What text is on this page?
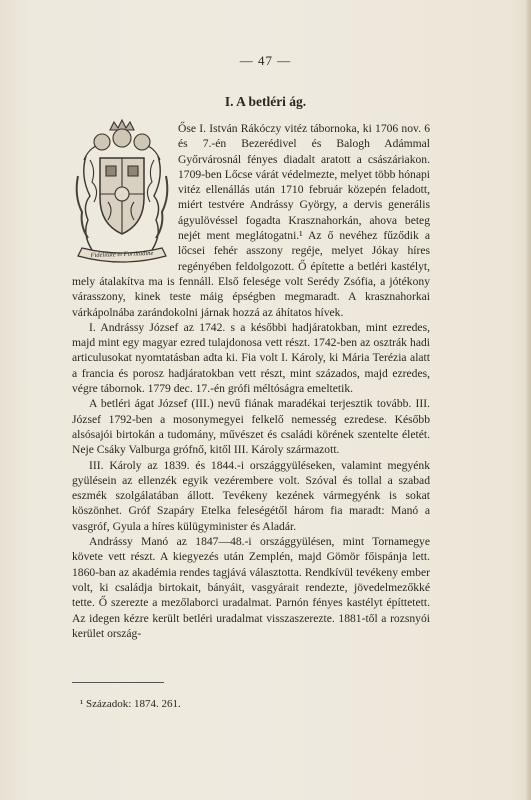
— 47 —
I. A betléri ág.
Fidelitate et Fortitudine

Őse I. István Rákóczy vitéz tábornoka, ki 1706 nov. 6 és 7.-én Bezerédivel és Balogh Adámmal Győrvárosnál fényes diadalt aratott a császáriakon. 1709-ben Lőcse várát védelmezte, melyet több hónapi vitéz ellenállás után 1710 február közepén feladott, miért testvére Andrássy György, a dervis generális ágyulövéssel fogadta Krasznahorkán, ahova beteg nejét ment meglátogatni.¹ Az ő nevéhez fűződik a lőcsei fehér asszony regéje, melyet Jókay híres regényében feldolgozott. Ő építette a betléri kastélyt, mely átalakítva ma is fennáll. Első felesége volt Serédy Zsófia, a jótékony várasszony, kinek teste máig épségben megmaradt. A krasznahorkai várkápolnába zarándokolni járnak hozzá az áhítatos hívek.

I. Andrássy József az 1742. s a későbbi hadjáratokban, mint ezredes, majd mint egy magyar ezred tulajdonosa vett részt. 1742-ben az osztrák hadi articulusokat nyomtatásban adta ki. Fia volt I. Károly, ki Mária Terézia alatt a francia és porosz hadjáratokban vett részt, mint százados, majd ezredes, végre tábornok. 1779 dec. 17.-én grófi méltóságra emeltetik.

A betléri ágat József (III.) nevű fiának maradékai terjesztik tovább. III. József 1792-ben a mosonymegyei felkelő nemesség ezredese. Később alsósajói birtokán a tudomány, művészet és családi körének szentelte életét. Neje Csáky Valburga grófnő, kitől III. Károly származott.

III. Károly az 1839. és 1844.-i országgyüléseken, valamint megyénk gyülésein az ellenzék egyik vezérembere volt. Szóval és tollal a szabad eszmék szolgálatában állott. Tevékeny kezének vármegyénk is sokat köszönhet. Gróf Szapáry Etelka feleségétől három fia maradt: Manó a vasgróf, Gyula a híres külügyminister és Aladár.

Andrássy Manó az 1847—48.-i országgyülésen, mint Tornamegye követe vett részt. A kiegyezés után Zemplén, majd Gömör főispánja lett. 1860-ban az akadémia rendes tagjává választotta. Rendkívül tevékeny ember volt, ki családja birtokait, bányáit, vasgyárait rendezte, jövedelmezőkké tette. Ő szerezte a mezőlaborci uradalmat. Parnón fényes kastélyt építtetett. Az idegen kézre került betléri uradalmat visszaszerezte. 1881-től a rozsnyói kerület ország-

¹ Századok: 1874. 261.
